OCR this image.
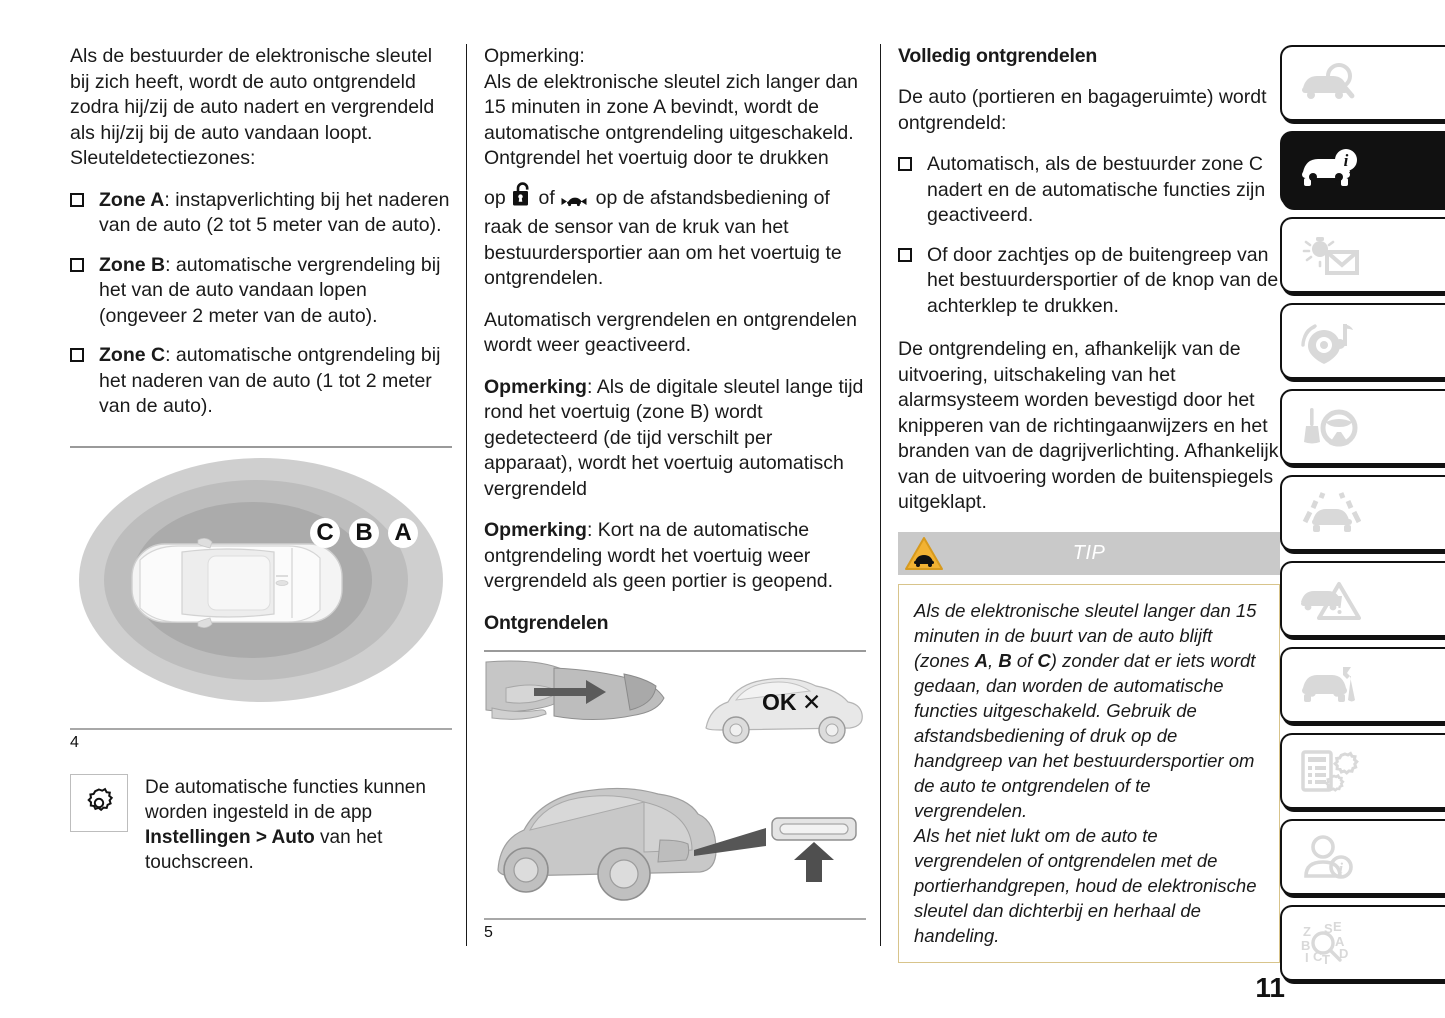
Als de bestuurder de elektronische sleutel bij zich heeft, wordt de auto ontgrendeld zodra hij/zij de auto nadert en vergrendeld als hij/zij bij de auto vandaan loopt. Sleuteldetectiezones:

Zone A: instapverlichting bij het naderen van de auto (2 tot 5 meter van de auto).
Zone B: automatische vergrendeling bij het van de auto vandaan lopen (ongeveer 2 meter van de auto).
Zone C: automatische ontgrendeling bij het naderen van de auto (1 tot 2 meter van de auto).
C B A
4
De automatische functies kunnen worden ingesteld in de app Instellingen > Auto van het touchscreen.

Opmerking:

Als de elektronische sleutel zich langer dan 15 minuten in zone A bevindt, wordt de automatische ontgrendeling uitgeschakeld.

Ontgrendel het voertuig door te drukken

op  of  op de afstandsbediening of raak de sensor van de kruk van het bestuurdersportier aan om het voertuig te ontgrendelen.

Automatisch vergrendelen en ontgrendelen wordt weer geactiveerd.

Opmerking: Als de digitale sleutel lange tijd rond het voertuig (zone B) wordt gedetecteerd (de tijd verschilt per apparaat), wordt het voertuig automatisch vergrendeld

Opmerking: Kort na de automatische ontgrendeling wordt het voertuig weer vergrendeld als geen portier is geopend.

Ontgrendelen
OK ✕

5
Volledig ontgrendelen

De auto (portieren en bagageruimte) wordt ontgrendeld:

Automatisch, als de bestuurder zone C nadert en de automatische functies zijn geactiveerd.
Of door zachtjes op de buitengreep van het bestuurdersportier of de knop van de achterklep te drukken.

De ontgrendeling en, afhankelijk van de uitvoering, uitschakeling van het alarmsysteem worden bevestigd door het knipperen van de richtingaanwijzers en het branden van de dagrijverlichting. Afhankelijk van de uitvoering worden de buitenspiegels uitgeklapt.

TIP
Als de elektronische sleutel langer dan 15 minuten in de buurt van de auto blijft (zones A, B of C) zonder dat er iets wordt gedaan, dan worden de automatische functies uitgeschakeld. Gebruik de afstandsbediening of druk op de handgreep van het bestuurdersportier om de auto te ontgrendelen of te vergrendelen.
Als het niet lukt om de auto te vergrendelen of ontgrendelen met de portierhandgrepen, houd de elektronische sleutel dan dichterbij en herhaal de handeling.
i
i
Z
B
I C T
S E
A
D
11
